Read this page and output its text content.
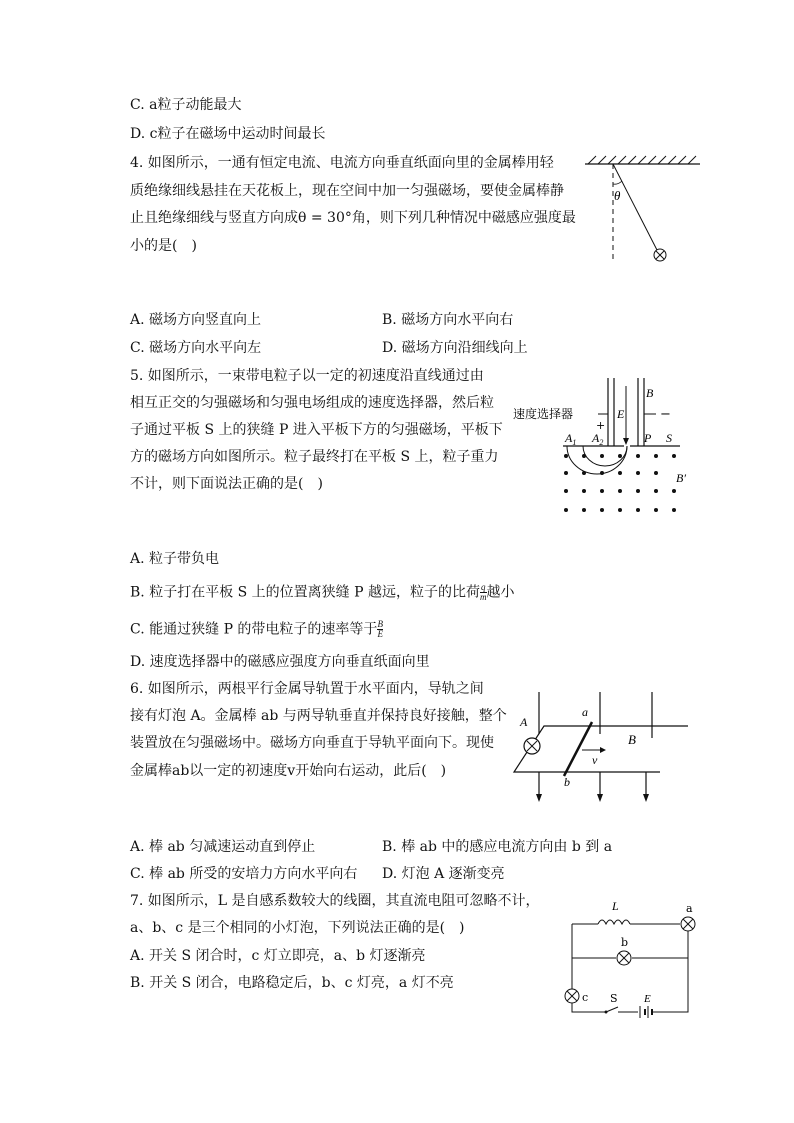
C. a粒子动能最大
D. c粒子在磁场中运动时间最长
4. 如图所示，一通有恒定电流、电流方向垂直纸面向里的金属棒用轻
质绝缘细线悬挂在天花板上，现在空间中加一匀强磁场，要使金属棒静
止且绝缘细线与竖直方向成θ = 30°角，则下列几种情况中磁感应强度最
小的是(　)
A. 磁场方向竖直向上	B. 磁场方向水平向右
C. 磁场方向水平向左	D. 磁场方向沿细线向上
5. 如图所示，一束带电粒子以一定的初速度沿直线通过由
相互正交的匀强磁场和匀强电场组成的速度选择器，然后粒
子通过平板 S 上的狭缝 P 进入平板下方的匀强磁场，平板下
方的磁场方向如图所示。粒子最终打在平板 S 上，粒子重力
不计，则下面说法正确的是(　)
A. 粒子带负电
B. 粒子打在平板 S 上的位置离狭缝 P 越远，粒子的比荷 $\frac{q}{m}$ 越小
C. 能通过狭缝 P 的带电粒子的速率等于 $\frac{B}{E}$
D. 速度选择器中的磁感应强度方向垂直纸面向里
6. 如图所示，两根平行金属导轨置于水平面内，导轨之间
接有灯泡 A。金属棒 ab 与两导轨垂直并保持良好接触，整个
装置放在匀强磁场中。磁场方向垂直于导轨平面向下。现使
金属棒ab以一定的初速度v开始向右运动，此后(　)
A. 棒 ab 匀减速运动直到停止	B. 棒 ab 中的感应电流方向由 b 到 a
C. 棒 ab 所受的安培力方向水平向右 D. 灯泡 A 逐渐变亮
7. 如图所示，L 是自感系数较大的线圈，其直流电阻可忽略不计，
a、b、c 是三个相同的小灯泡，下列说法正确的是(　)
A. 开关 S 闭合时，c 灯立即亮，a、b 灯逐渐亮
B. 开关 S 闭合，电路稳定后，b、c 灯亮，a 灯不亮
θ
E
B
+
−
速度选择器
$A_1$ $A_2$	P S
B′
v
A
a
b
B
L	a
b
c S E
